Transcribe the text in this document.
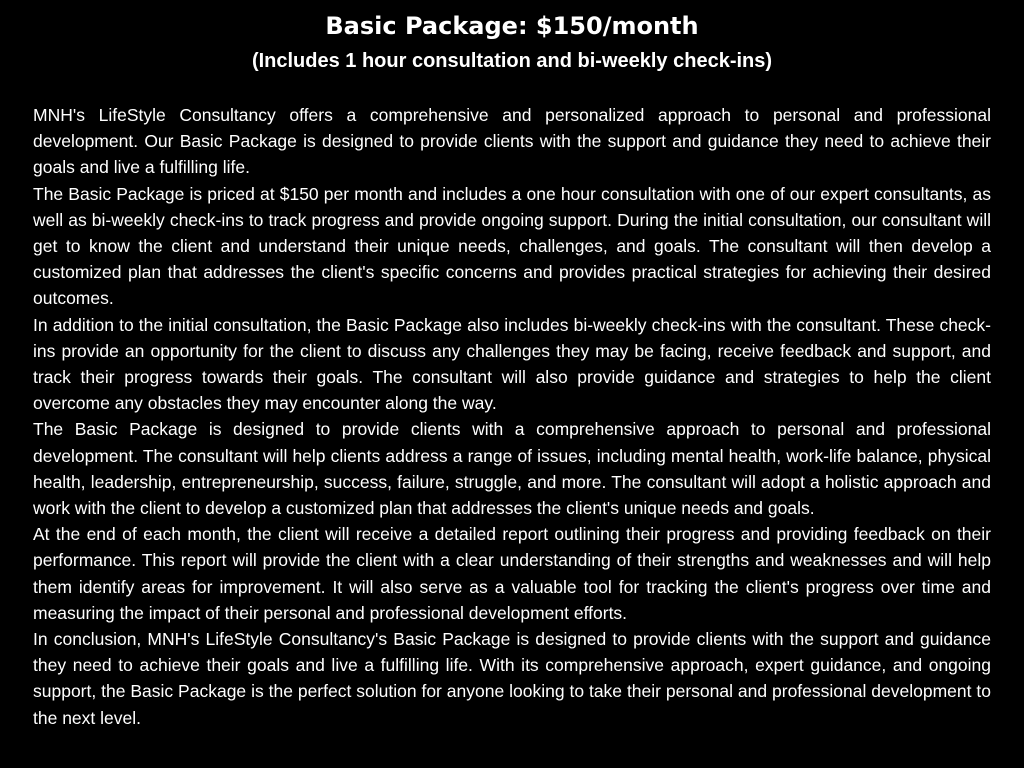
Basic Package: $150/month
(Includes 1 hour consultation and bi-weekly check-ins)

MNH's LifeStyle Consultancy offers a comprehensive and personalized approach to personal and professional development. Our Basic Package is designed to provide clients with the support and guidance they need to achieve their goals and live a fulfilling life.

The Basic Package is priced at $150 per month and includes a one hour consultation with one of our expert consultants, as well as bi-weekly check-ins to track progress and provide ongoing support. During the initial consultation, our consultant will get to know the client and understand their unique needs, challenges, and goals. The consultant will then develop a customized plan that addresses the client's specific concerns and provides practical strategies for achieving their desired outcomes.

In addition to the initial consultation, the Basic Package also includes bi-weekly check-ins with the consultant. These check-ins provide an opportunity for the client to discuss any challenges they may be facing, receive feedback and support, and track their progress towards their goals. The consultant will also provide guidance and strategies to help the client overcome any obstacles they may encounter along the way.

The Basic Package is designed to provide clients with a comprehensive approach to personal and professional development. The consultant will help clients address a range of issues, including mental health, work-life balance, physical health, leadership, entrepreneurship, success, failure, struggle, and more. The consultant will adopt a holistic approach and work with the client to develop a customized plan that addresses the client's unique needs and goals.

At the end of each month, the client will receive a detailed report outlining their progress and providing feedback on their performance. This report will provide the client with a clear understanding of their strengths and weaknesses and will help them identify areas for improvement. It will also serve as a valuable tool for tracking the client's progress over time and measuring the impact of their personal and professional development efforts.

In conclusion, MNH's LifeStyle Consultancy's Basic Package is designed to provide clients with the support and guidance they need to achieve their goals and live a fulfilling life. With its comprehensive approach, expert guidance, and ongoing support, the Basic Package is the perfect solution for anyone looking to take their personal and professional development to the next level.
